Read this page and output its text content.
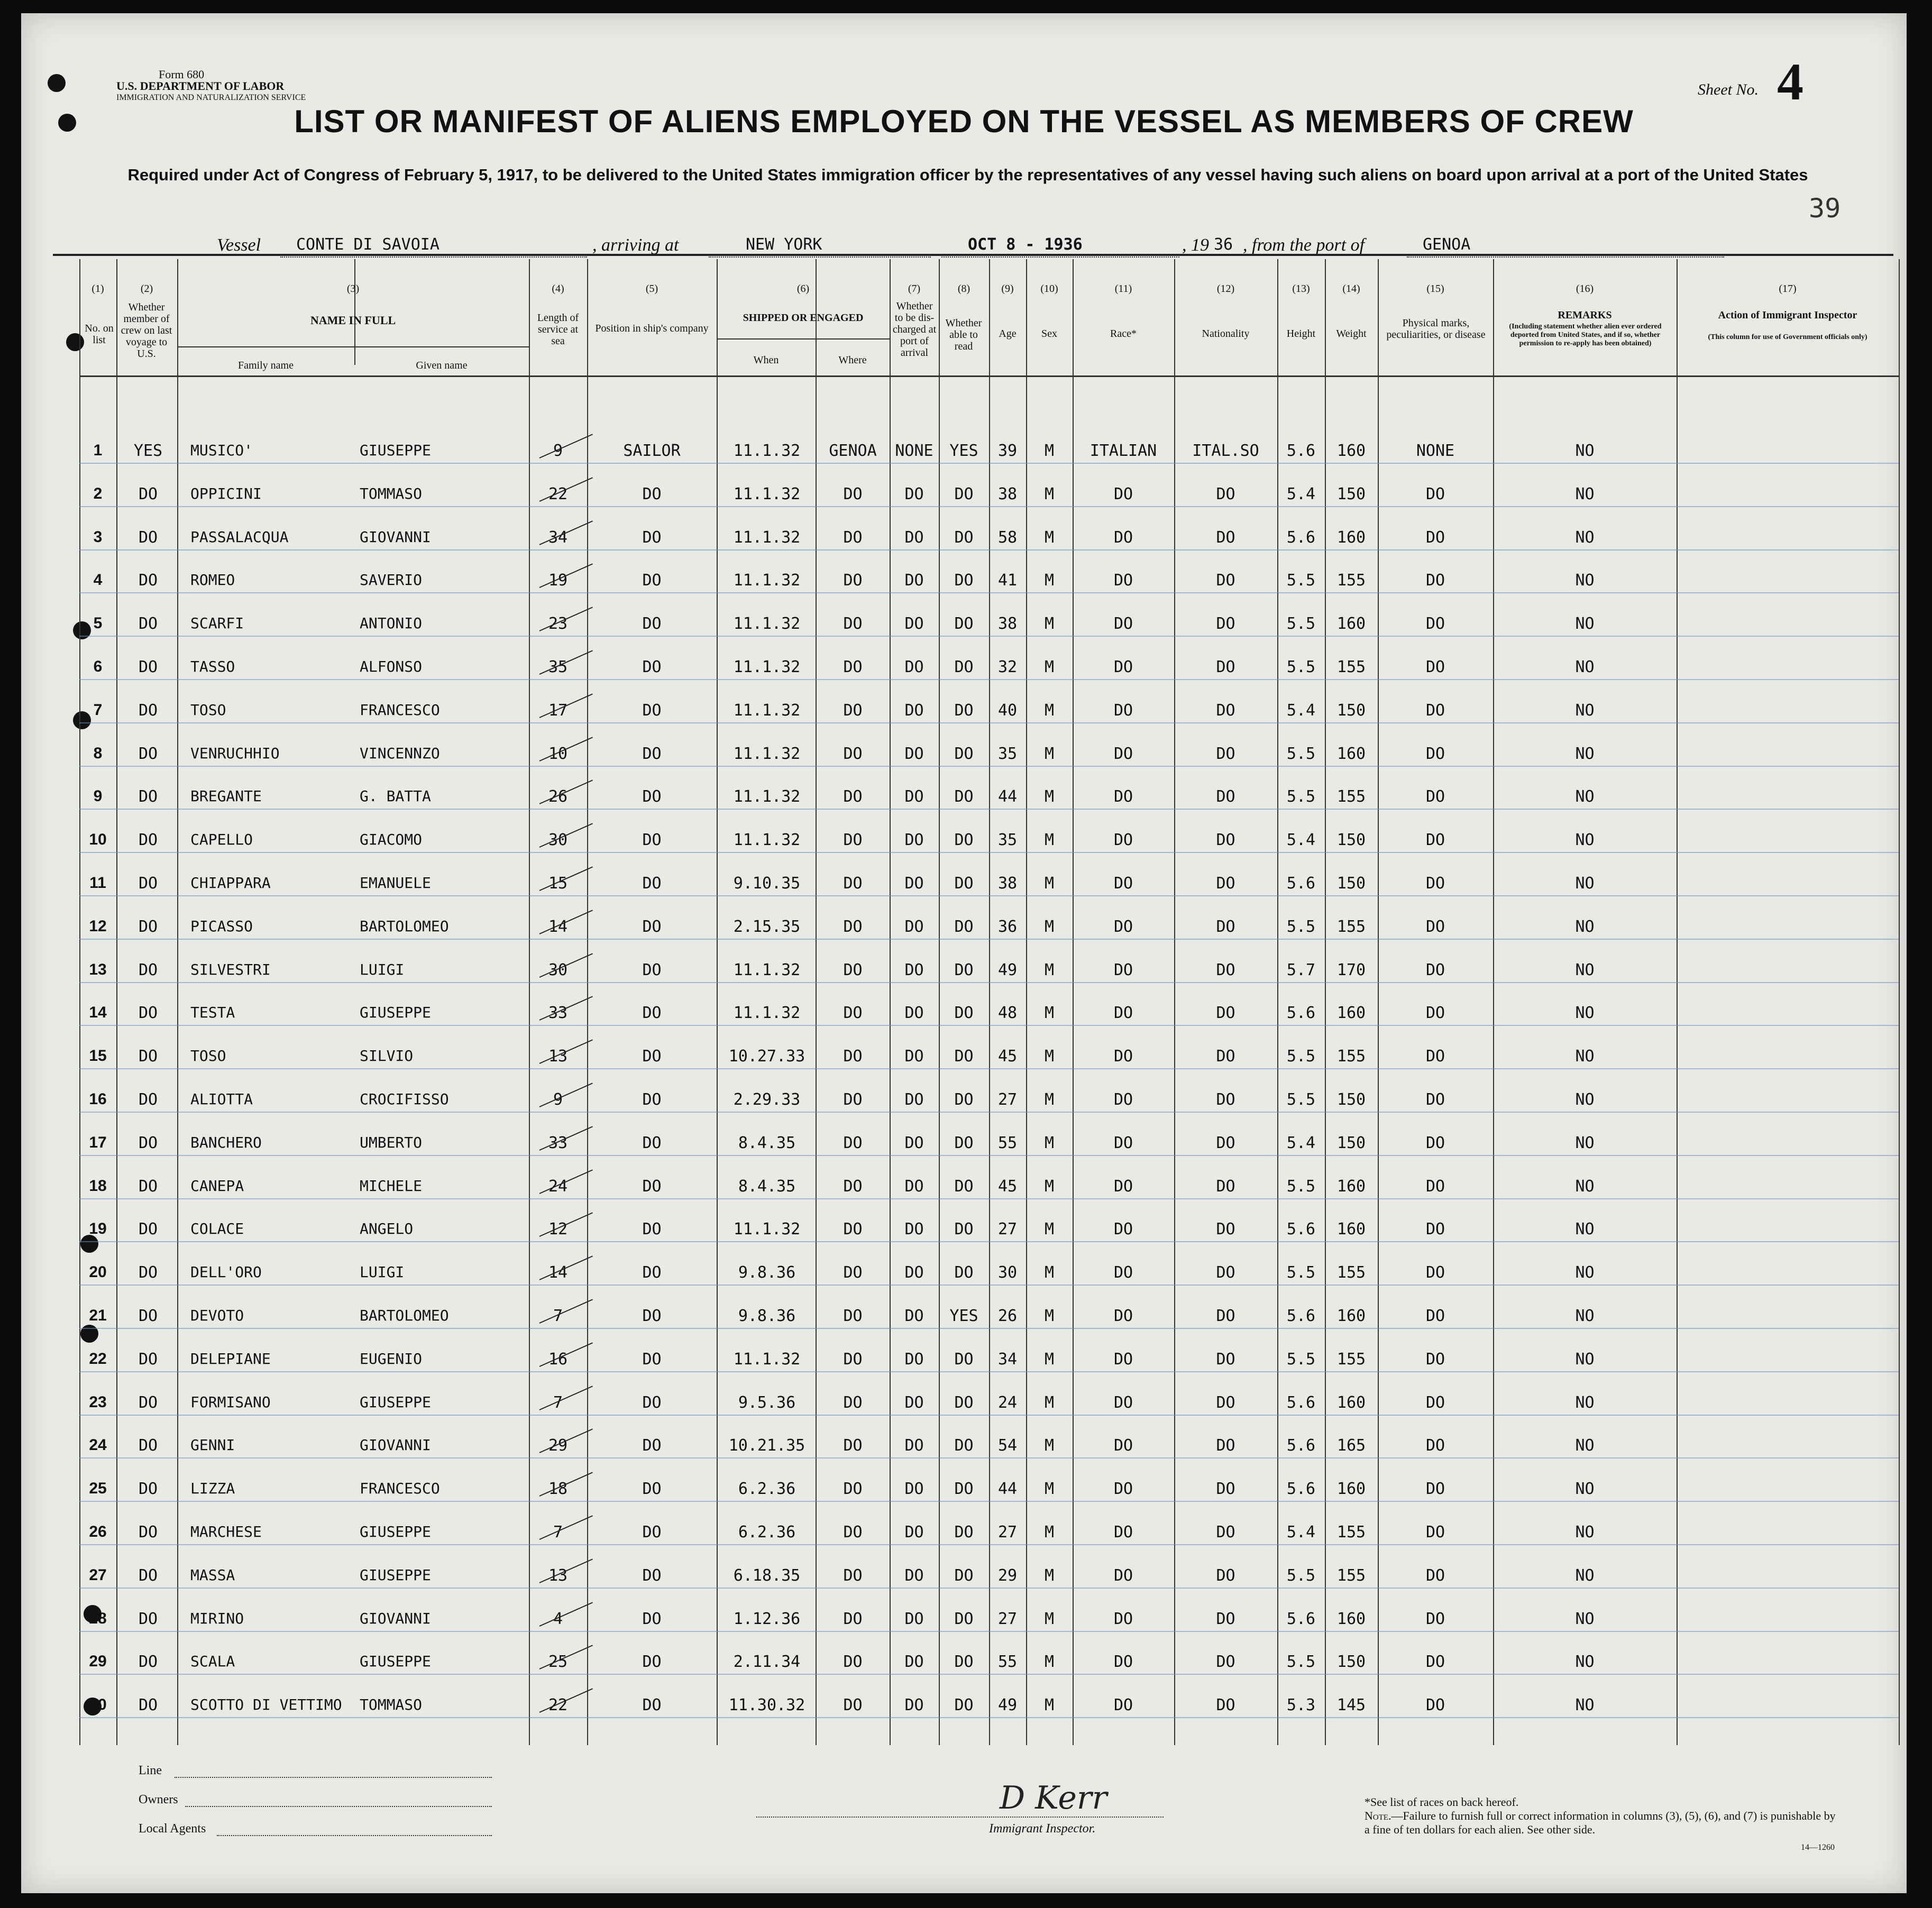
Form 680
U.S. DEPARTMENT OF LABOR
IMMIGRATION AND NATURALIZATION SERVICE	Sheet No. 4
39
LIST OR MANIFEST OF ALIENS EMPLOYED ON THE VESSEL AS MEMBERS OF CREW
Required under Act of Congress of February 5, 1917, to be delivered to the United States immigration officer by the representatives of any vessel having such aliens on board upon arrival at a port of the United States
Vessel CONTE DI SAVOIA	, arriving at	NEW YORK	OCT 8 - 1936	, 19 36 , from the port of	GENOA
(1)	(2)	(3)	(4)	(5)	(6)	(7)	(8)	(9)	(10)	(11)	(12)	(13)	(14)	(15)	(16)	(17)
No. on list
Whether member of crew on last voyage to U.S.
NAME IN FULL
Family name	Given name
Length of service at sea
Position in ship's company
SHIPPED OR ENGAGED
When	Where
Whether to be dis-charged at port of arrival
Whether able to read
Age	Sex	Race*	Nationality	Height	Weight
Physical marks, peculiarities, or disease
REMARKS
(Including statement whether alien ever ordered deported from United States, and if so, whether permission to re-apply has been obtained)
Action of Immigrant Inspector
(This column for use of Government officials only)
1	YES	MUSICO'	GIUSEPPE	9	SAILOR	11.1.32	GENOA	NONE	YES	39	M	ITALIAN	ITAL.SO	5.6	160	NONE	NO
2	DO	OPPICINI	TOMMASO	22	DO	11.1.32	DO	DO	DO	38	M	DO	DO	5.4	150	DO	NO
3	DO	PASSALACQUA	GIOVANNI	34	DO	11.1.32	DO	DO	DO	58	M	DO	DO	5.6	160	DO	NO
4	DO	ROMEO	SAVERIO	19	DO	11.1.32	DO	DO	DO	41	M	DO	DO	5.5	155	DO	NO
5	DO	SCARFI	ANTONIO	23	DO	11.1.32	DO	DO	DO	38	M	DO	DO	5.5	160	DO	NO
6	DO	TASSO	ALFONSO	35	DO	11.1.32	DO	DO	DO	32	M	DO	DO	5.5	155	DO	NO
7	DO	TOSO	FRANCESCO	17	DO	11.1.32	DO	DO	DO	40	M	DO	DO	5.4	150	DO	NO
8	DO	VENRUCHHIO	VINCENNZO	10	DO	11.1.32	DO	DO	DO	35	M	DO	DO	5.5	160	DO	NO
9	DO	BREGANTE	G. BATTA	26	DO	11.1.32	DO	DO	DO	44	M	DO	DO	5.5	155	DO	NO
10	DO	CAPELLO	GIACOMO	30	DO	11.1.32	DO	DO	DO	35	M	DO	DO	5.4	150	DO	NO
11	DO	CHIAPPARA	EMANUELE	15	DO	9.10.35	DO	DO	DO	38	M	DO	DO	5.6	150	DO	NO
12	DO	PICASSO	BARTOLOMEO	14	DO	2.15.35	DO	DO	DO	36	M	DO	DO	5.5	155	DO	NO
13	DO	SILVESTRI	LUIGI	30	DO	11.1.32	DO	DO	DO	49	M	DO	DO	5.7	170	DO	NO
14	DO	TESTA	GIUSEPPE	33	DO	11.1.32	DO	DO	DO	48	M	DO	DO	5.6	160	DO	NO
15	DO	TOSO	SILVIO	13	DO	10.27.33	DO	DO	DO	45	M	DO	DO	5.5	155	DO	NO
16	DO	ALIOTTA	CROCIFISSO	9	DO	2.29.33	DO	DO	DO	27	M	DO	DO	5.5	150	DO	NO
17	DO	BANCHERO	UMBERTO	33	DO	8.4.35	DO	DO	DO	55	M	DO	DO	5.4	150	DO	NO
18	DO	CANEPA	MICHELE	24	DO	8.4.35	DO	DO	DO	45	M	DO	DO	5.5	160	DO	NO
19	DO	COLACE	ANGELO	12	DO	11.1.32	DO	DO	DO	27	M	DO	DO	5.6	160	DO	NO
20	DO	DELL'ORO	LUIGI	14	DO	9.8.36	DO	DO	DO	30	M	DO	DO	5.5	155	DO	NO
21	DO	DEVOTO	BARTOLOMEO	7	DO	9.8.36	DO	DO	YES	26	M	DO	DO	5.6	160	DO	NO
22	DO	DELEPIANE	EUGENIO	16	DO	11.1.32	DO	DO	DO	34	M	DO	DO	5.5	155	DO	NO
23	DO	FORMISANO	GIUSEPPE	7	DO	9.5.36	DO	DO	DO	24	M	DO	DO	5.6	160	DO	NO
24	DO	GENNI	GIOVANNI	29	DO	10.21.35	DO	DO	DO	54	M	DO	DO	5.6	165	DO	NO
25	DO	LIZZA	FRANCESCO	18	DO	6.2.36	DO	DO	DO	44	M	DO	DO	5.6	160	DO	NO
26	DO	MARCHESE	GIUSEPPE	7	DO	6.2.36	DO	DO	DO	27	M	DO	DO	5.4	155	DO	NO
27	DO	MASSA	GIUSEPPE	13	DO	6.18.35	DO	DO	DO	29	M	DO	DO	5.5	155	DO	NO
28	DO	MIRINO	GIOVANNI	4	DO	1.12.36	DO	DO	DO	27	M	DO	DO	5.6	160	DO	NO
29	DO	SCALA	GIUSEPPE	25	DO	2.11.34	DO	DO	DO	55	M	DO	DO	5.5	150	DO	NO
30	DO	SCOTTO DI VETTIMO	TOMMASO	22	DO	11.30.32	DO	DO	DO	49	M	DO	DO	5.3	145	DO	NO
Line
Owners
Local Agents
D Kerr
Immigrant Inspector.
*See list of races on back hereof.
Note.—Failure to furnish full or correct information in columns (3), (5), (6), and (7) is punishable by a fine of ten dollars for each alien. See other side.
14—1260
